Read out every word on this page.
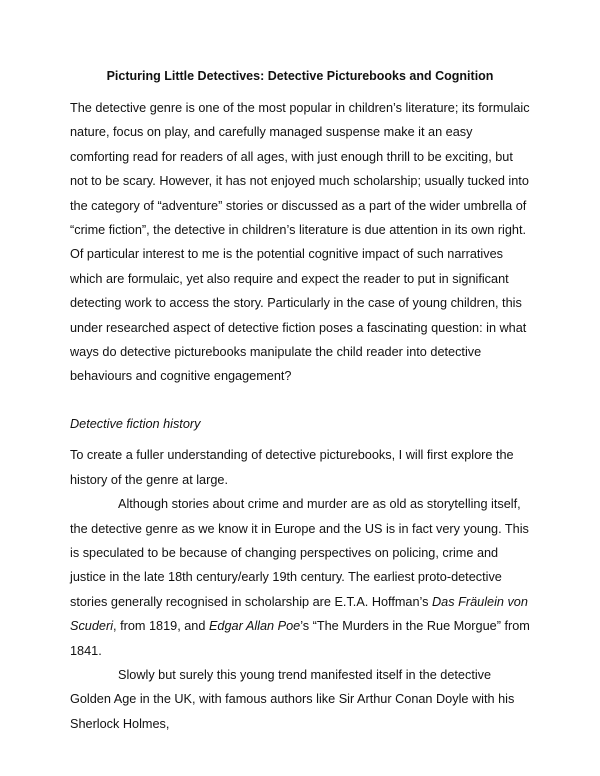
Picturing Little Detectives: Detective Picturebooks and Cognition

The detective genre is one of the most popular in children’s literature; its formulaic nature, focus on play, and carefully managed suspense make it an easy comforting read for readers of all ages, with just enough thrill to be exciting, but not to be scary. However, it has not enjoyed much scholarship; usually tucked into the category of “adventure” stories or discussed as a part of the wider umbrella of “crime fiction”, the detective in children’s literature is due attention in its own right. Of particular interest to me is the potential cognitive impact of such narratives which are formulaic, yet also require and expect the reader to put in significant detecting work to access the story. Particularly in the case of young children, this under researched aspect of detective fiction poses a fascinating question: in what ways do detective picturebooks manipulate the child reader into detective behaviours and cognitive engagement?

Detective fiction history

To create a fuller understanding of detective picturebooks, I will first explore the history of the genre at large.

Although stories about crime and murder are as old as storytelling itself, the detective genre as we know it in Europe and the US is in fact very young. This is speculated to be because of changing perspectives on policing, crime and justice in the late 18th century/early 19th century. The earliest proto-detective stories generally recognised in scholarship are E.T.A. Hoffman’s Das Fräulein von Scuderi, from 1819, and Edgar Allan Poe’s “The Murders in the Rue Morgue” from 1841.

Slowly but surely this young trend manifested itself in the detective Golden Age in the UK, with famous authors like Sir Arthur Conan Doyle with his Sherlock Holmes,
